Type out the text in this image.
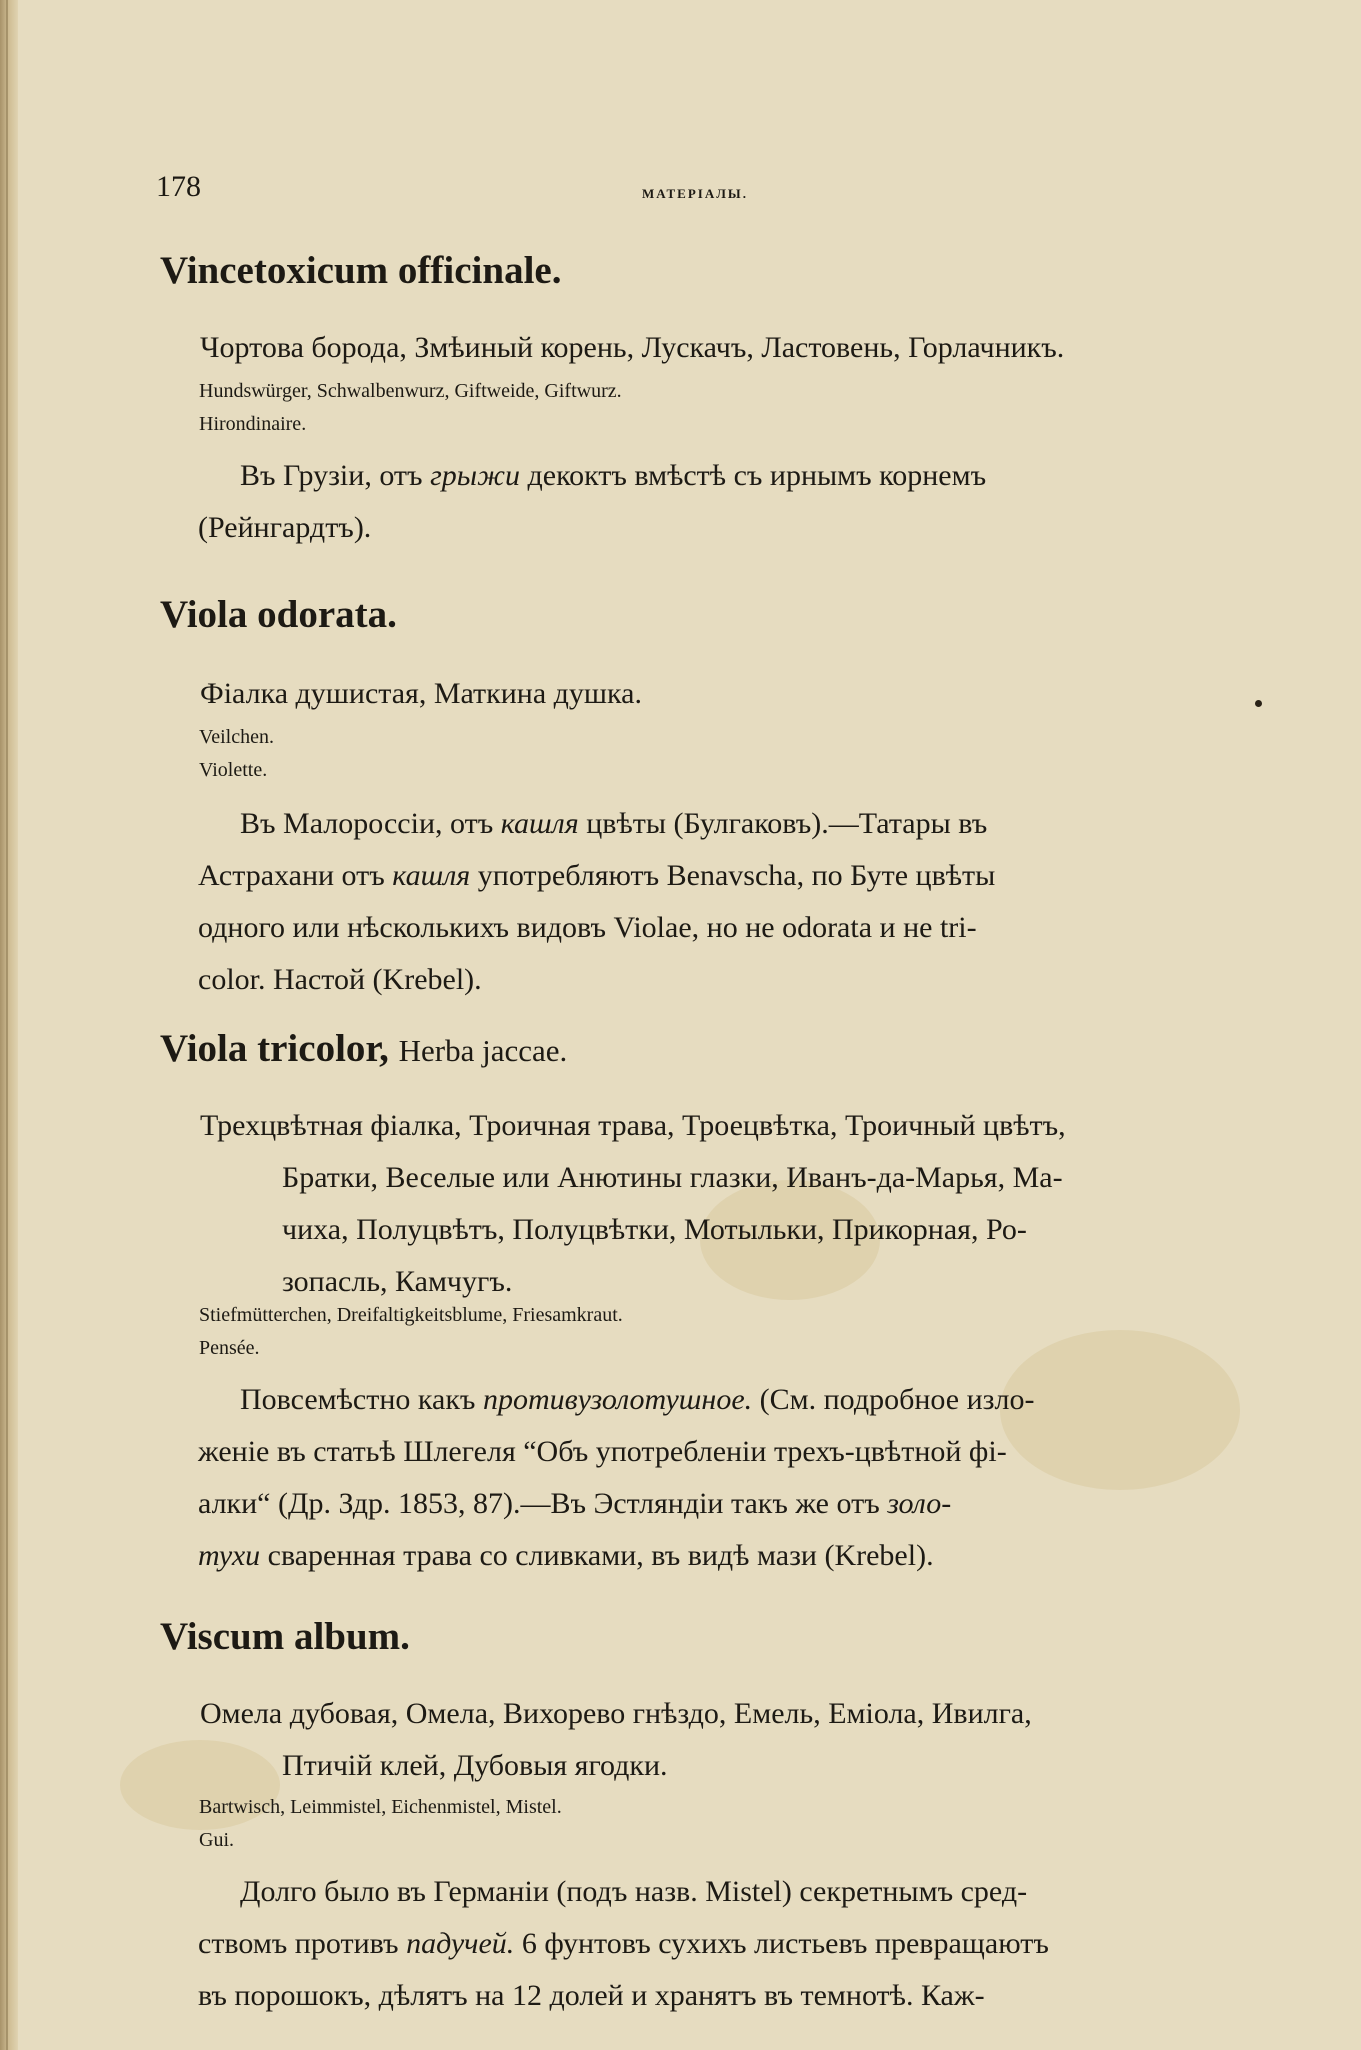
178	МАТЕРІАЛЫ.
Vincetoxicum officinale.
Чортова борода, Змѣиный корень, Лускачъ, Ластовень, Горлачникъ.
Hundswürger, Schwalbenwurz, Giftweide, Giftwurz.
Hirondinaire.
Въ Грузіи, отъ грыжи декоктъ вмѣстѣ съ ирнымъ корнемъ
(Рейнгардтъ).
Viola odorata.
Фіалка душистая, Маткина душка.
Veilchen.
Violette.
Въ Малороссіи, отъ кашля цвѣты (Булгаковъ).—Татары въ
Астрахани отъ кашля употребляютъ Benavscha, по Буте цвѣты
одного или нѣсколькихъ видовъ Violae, но не odorata и не tri-
color. Настой (Krebel).
Viola tricolor, Herba jaccae.
Трехцвѣтная фіалка, Троичная трава, Троецвѣтка, Троичный цвѣтъ,
Братки, Веселые или Анютины глазки, Иванъ-да-Марья, Ма-
чиха, Полуцвѣтъ, Полуцвѣтки, Мотыльки, Прикорная, Ро-
зопасль, Камчугъ.
Stiefmütterchen, Dreifaltigkeitsblume, Friesamkraut.
Pensée.
Повсемѣстно какъ противузолотушное. (См. подробное изло-
женіе въ статьѣ Шлегеля “Объ употребленіи трехъ-цвѣтной фі-
алки“ (Др. Здр. 1853, 87).—Въ Эстляндіи такъ же отъ золо-
тухи сваренная трава со сливками, въ видѣ мази (Krebel).
Viscum album.
Омела дубовая, Омела, Вихорево гнѣздо, Емель, Еміола, Ивилга,
Птичій клей, Дубовыя ягодки.
Bartwisch, Leimmistel, Eichenmistel, Mistel.
Gui.
Долго было въ Германіи (подъ назв. Mistel) секретнымъ сред-
ствомъ противъ падучей. 6 фунтовъ сухихъ листьевъ превращаютъ
въ порошокъ, дѣлятъ на 12 долей и хранятъ въ темнотѣ. Каж-
